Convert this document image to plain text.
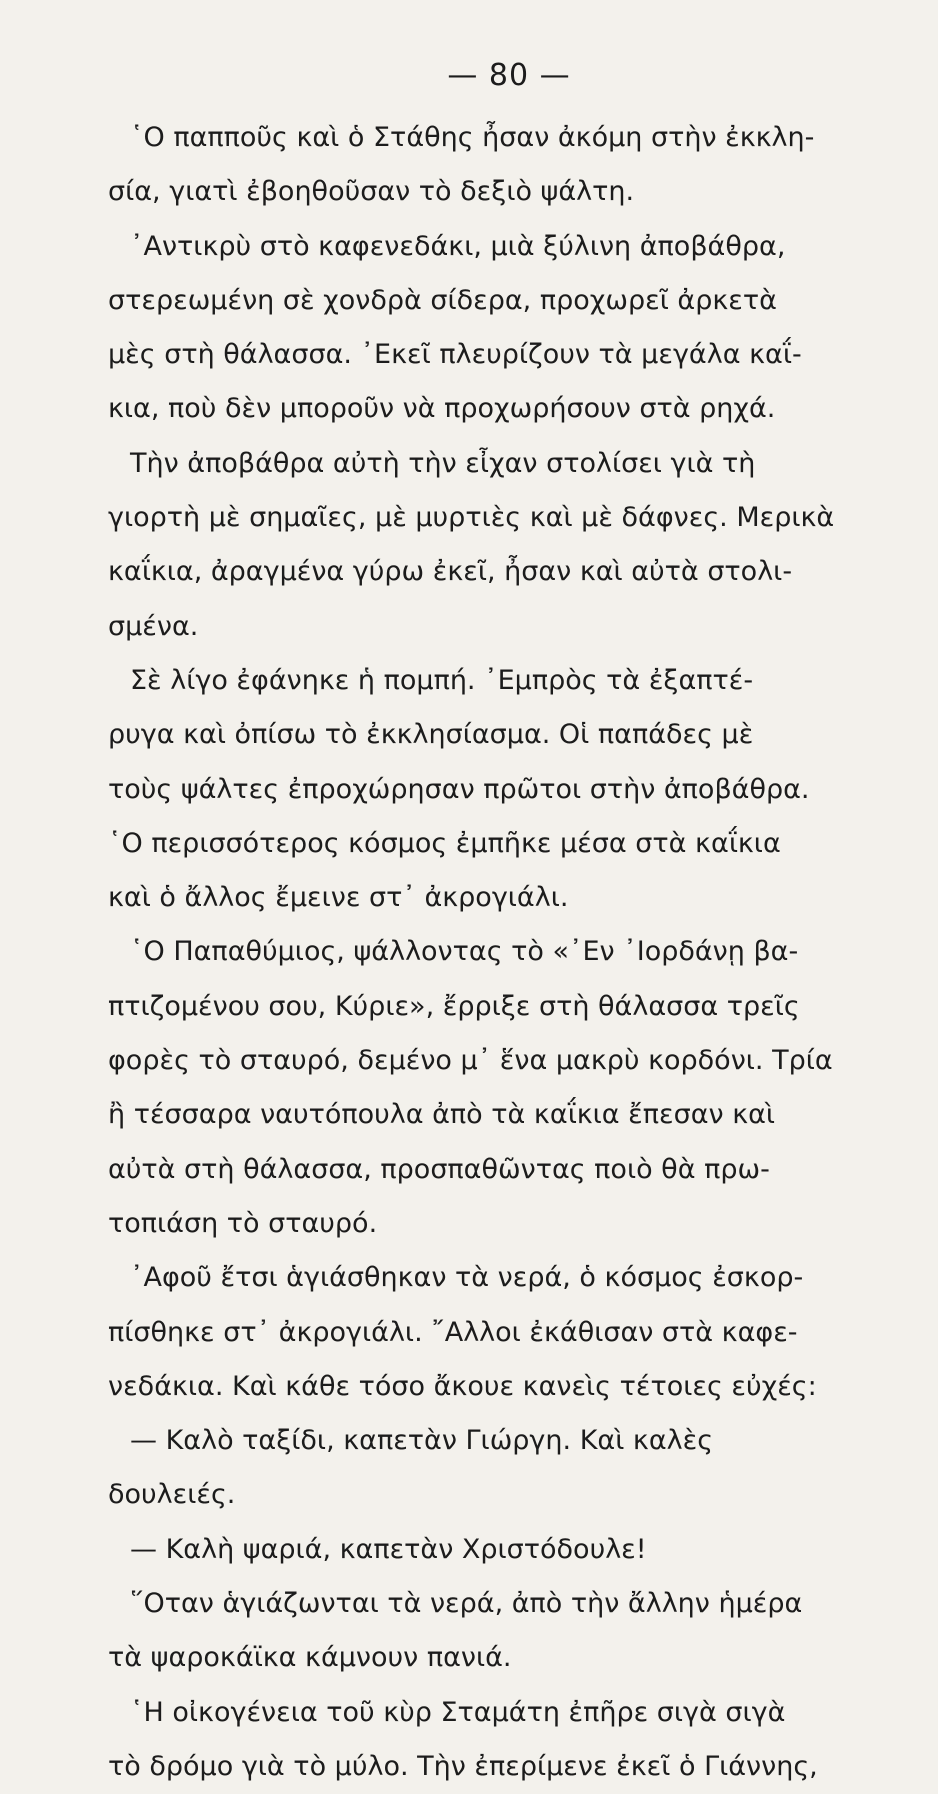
— 80 —
῾Ο παπποῦς καὶ ὁ Στάθης ἦσαν ἀκόμη στὴν ἐκκλη-
σία, γιατὶ ἐβοηθοῦσαν τὸ δεξιὸ ψάλτη.
᾿Αντικρὺ στὸ καφενεδάκι, μιὰ ξύλινη ἀποβάθρα,
στερεωμένη σὲ χονδρὰ σίδερα, προχωρεῖ ἀρκετὰ
μὲς στὴ θάλασσα. ᾿Εκεῖ πλευρίζουν τὰ μεγάλα καΐ-
κια, ποὺ δὲν μποροῦν νὰ προχωρήσουν στὰ ρηχά.
Τὴν ἀποβάθρα αὐτὴ τὴν εἶχαν στολίσει γιὰ τὴ
γιορτὴ μὲ σημαῖες, μὲ μυρτιὲς καὶ μὲ δάφνες. Μερικὰ
καΐκια, ἀραγμένα γύρω ἐκεῖ, ἦσαν καὶ αὐτὰ στολι-
σμένα.
Σὲ λίγο ἐφάνηκε ἡ πομπή. ᾿Εμπρὸς τὰ ἐξαπτέ-
ρυγα καὶ ὀπίσω τὸ ἐκκλησίασμα. Οἱ παπάδες μὲ
τοὺς ψάλτες ἐπροχώρησαν πρῶτοι στὴν ἀποβάθρα.
῾Ο περισσότερος κόσμος ἐμπῆκε μέσα στὰ καΐκια
καὶ ὁ ἄλλος ἔμεινε στ᾿ ἀκρογιάλι.
῾Ο Παπαθύμιος, ψάλλοντας τὸ «᾿Εν ᾿Ιορδάνῃ βα-
πτιζομένου σου, Κύριε», ἔρριξε στὴ θάλασσα τρεῖς
φορὲς τὸ σταυρό, δεμένο μ᾿ ἕνα μακρὺ κορδόνι. Τρία
ἢ τέσσαρα ναυτόπουλα ἀπὸ τὰ καΐκια ἔπεσαν καὶ
αὐτὰ στὴ θάλασσα, προσπαθῶντας ποιὸ θὰ πρω-
τοπιάση τὸ σταυρό.
᾿Αφοῦ ἔτσι ἁγιάσθηκαν τὰ νερά, ὁ κόσμος ἐσκορ-
πίσθηκε στ᾿ ἀκρογιάλι. ῎Αλλοι ἐκάθισαν στὰ καφε-
νεδάκια. Καὶ κάθε τόσο ἄκουε κανεὶς τέτοιες εὐχές:
— Καλὸ ταξίδι, καπετὰν Γιώργη. Καὶ καλὲς
δουλειές.
— Καλὴ ψαριά, καπετὰν Χριστόδουλε!
῞Οταν ἁγιάζωνται τὰ νερά, ἀπὸ τὴν ἄλλην ἡμέρα
τὰ ψαροκάϊκα κάμνουν πανιά.
῾Η οἰκογένεια τοῦ κὺρ Σταμάτη ἐπῆρε σιγὰ σιγὰ
τὸ δρόμο γιὰ τὸ μύλο. Τὴν ἐπερίμενε ἐκεῖ ὁ Γιάννης,
